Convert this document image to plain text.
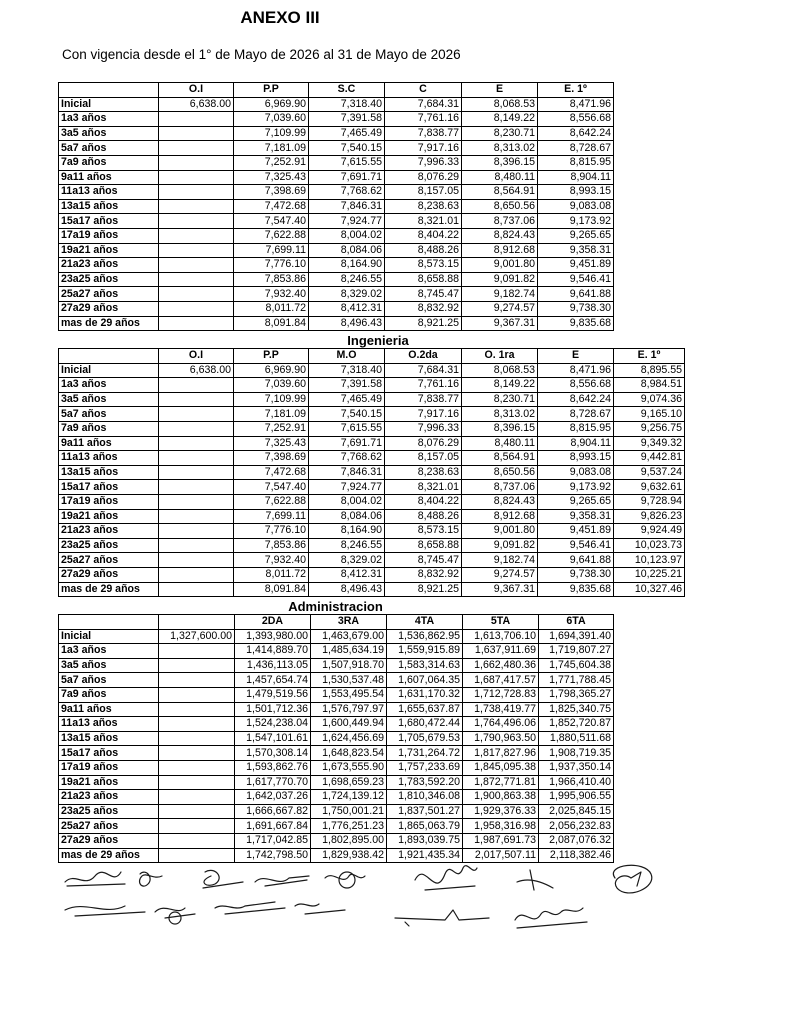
ANEXO III
Con vigencia desde el 1° de Mayo de 2026 al 31 de Mayo de 2026
	O.I	P.P	S.C	C	E	E. 1º
Inicial	6,638.00	6,969.90	7,318.40	7,684.31	8,068.53	8,471.96
1a3 años		7,039.60	7,391.58	7,761.16	8,149.22	8,556.68
3a5 años		7,109.99	7,465.49	7,838.77	8,230.71	8,642.24
5a7 años		7,181.09	7,540.15	7,917.16	8,313.02	8,728.67
7a9 años		7,252.91	7,615.55	7,996.33	8,396.15	8,815.95
9a11 años		7,325.43	7,691.71	8,076.29	8,480.11	8,904.11
11a13 años		7,398.69	7,768.62	8,157.05	8,564.91	8,993.15
13a15 años		7,472.68	7,846.31	8,238.63	8,650.56	9,083.08
15a17 años		7,547.40	7,924.77	8,321.01	8,737.06	9,173.92
17a19 años		7,622.88	8,004.02	8,404.22	8,824.43	9,265.65
19a21 años		7,699.11	8,084.06	8,488.26	8,912.68	9,358.31
21a23 años		7,776.10	8,164.90	8,573.15	9,001.80	9,451.89
23a25 años		7,853.86	8,246.55	8,658.88	9,091.82	9,546.41
25a27 años		7,932.40	8,329.02	8,745.47	9,182.74	9,641.88
27a29 años		8,011.72	8,412.31	8,832.92	9,274.57	9,738.30
mas de 29 años		8,091.84	8,496.43	8,921.25	9,367.31	9,835.68
Ingenieria
	O.I	P.P	M.O	O.2da	O. 1ra	E	E. 1º
Inicial	6,638.00	6,969.90	7,318.40	7,684.31	8,068.53	8,471.96	8,895.55
1a3 años		7,039.60	7,391.58	7,761.16	8,149.22	8,556.68	8,984.51
3a5 años		7,109.99	7,465.49	7,838.77	8,230.71	8,642.24	9,074.36
5a7 años		7,181.09	7,540.15	7,917.16	8,313.02	8,728.67	9,165.10
7a9 años		7,252.91	7,615.55	7,996.33	8,396.15	8,815.95	9,256.75
9a11 años		7,325.43	7,691.71	8,076.29	8,480.11	8,904.11	9,349.32
11a13 años		7,398.69	7,768.62	8,157.05	8,564.91	8,993.15	9,442.81
13a15 años		7,472.68	7,846.31	8,238.63	8,650.56	9,083.08	9,537.24
15a17 años		7,547.40	7,924.77	8,321.01	8,737.06	9,173.92	9,632.61
17a19 años		7,622.88	8,004.02	8,404.22	8,824.43	9,265.65	9,728.94
19a21 años		7,699.11	8,084.06	8,488.26	8,912.68	9,358.31	9,826.23
21a23 años		7,776.10	8,164.90	8,573.15	9,001.80	9,451.89	9,924.49
23a25 años		7,853.86	8,246.55	8,658.88	9,091.82	9,546.41	10,023.73
25a27 años		7,932.40	8,329.02	8,745.47	9,182.74	9,641.88	10,123.97
27a29 años		8,011.72	8,412.31	8,832.92	9,274.57	9,738.30	10,225.21
mas de 29 años		8,091.84	8,496.43	8,921.25	9,367.31	9,835.68	10,327.46
Administracion
		2DA	3RA	4TA	5TA	6TA
Inicial	1,327,600.00	1,393,980.00	1,463,679.00	1,536,862.95	1,613,706.10	1,694,391.40
1a3 años		1,414,889.70	1,485,634.19	1,559,915.89	1,637,911.69	1,719,807.27
3a5 años		1,436,113.05	1,507,918.70	1,583,314.63	1,662,480.36	1,745,604.38
5a7 años		1,457,654.74	1,530,537.48	1,607,064.35	1,687,417.57	1,771,788.45
7a9 años		1,479,519.56	1,553,495.54	1,631,170.32	1,712,728.83	1,798,365.27
9a11 años		1,501,712.36	1,576,797.97	1,655,637.87	1,738,419.77	1,825,340.75
11a13 años		1,524,238.04	1,600,449.94	1,680,472.44	1,764,496.06	1,852,720.87
13a15 años		1,547,101.61	1,624,456.69	1,705,679.53	1,790,963.50	1,880,511.68
15a17 años		1,570,308.14	1,648,823.54	1,731,264.72	1,817,827.96	1,908,719.35
17a19 años		1,593,862.76	1,673,555.90	1,757,233.69	1,845,095.38	1,937,350.14
19a21 años		1,617,770.70	1,698,659.23	1,783,592.20	1,872,771.81	1,966,410.40
21a23 años		1,642,037.26	1,724,139.12	1,810,346.08	1,900,863.38	1,995,906.55
23a25 años		1,666,667.82	1,750,001.21	1,837,501.27	1,929,376.33	2,025,845.15
25a27 años		1,691,667.84	1,776,251.23	1,865,063.79	1,958,316.98	2,056,232.83
27a29 años		1,717,042.85	1,802,895.00	1,893,039.75	1,987,691.73	2,087,076.32
mas de 29 años		1,742,798.50	1,829,938.42	1,921,435.34	2,017,507.11	2,118,382.46
